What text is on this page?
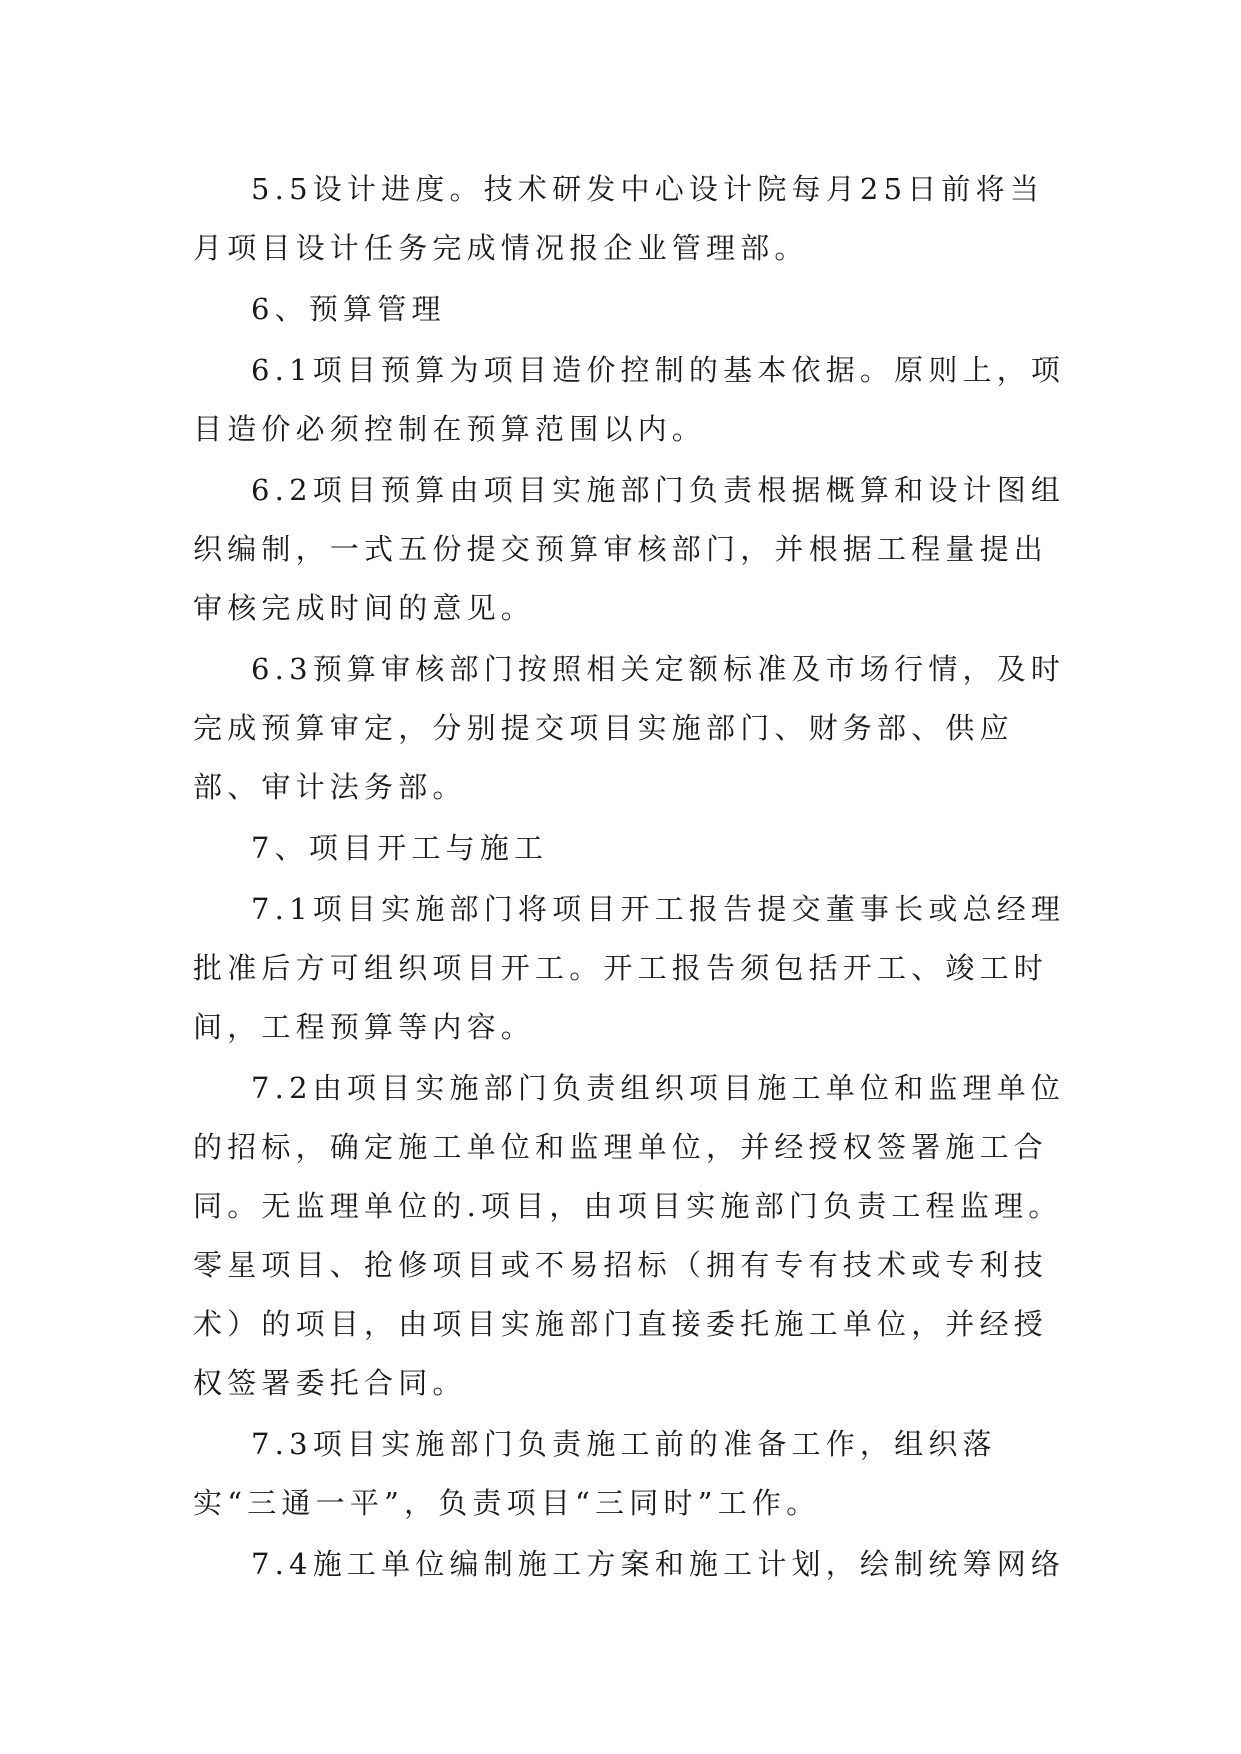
5.5设计进度。技术研发中心设计院每月25日前将当月项目设计任务完成情况报企业管理部。

6、预算管理

6.1项目预算为项目造价控制的基本依据。原则上，项目造价必须控制在预算范围以内。

6.2项目预算由项目实施部门负责根据概算和设计图组织编制，一式五份提交预算审核部门，并根据工程量提出审核完成时间的意见。

6.3预算审核部门按照相关定额标准及市场行情，及时完成预算审定，分别提交项目实施部门、财务部、供应部、审计法务部。

7、项目开工与施工

7.1项目实施部门将项目开工报告提交董事长或总经理批准后方可组织项目开工。开工报告须包括开工、竣工时间，工程预算等内容。

7.2由项目实施部门负责组织项目施工单位和监理单位的招标，确定施工单位和监理单位，并经授权签署施工合同。无监理单位的.项目，由项目实施部门负责工程监理。零星项目、抢修项目或不易招标（拥有专有技术或专利技术）的项目，由项目实施部门直接委托施工单位，并经授权签署委托合同。

7.3项目实施部门负责施工前的准备工作，组织落实“三通一平”，负责项目“三同时”工作。

7.4施工单位编制施工方案和施工计划，绘制统筹网络
